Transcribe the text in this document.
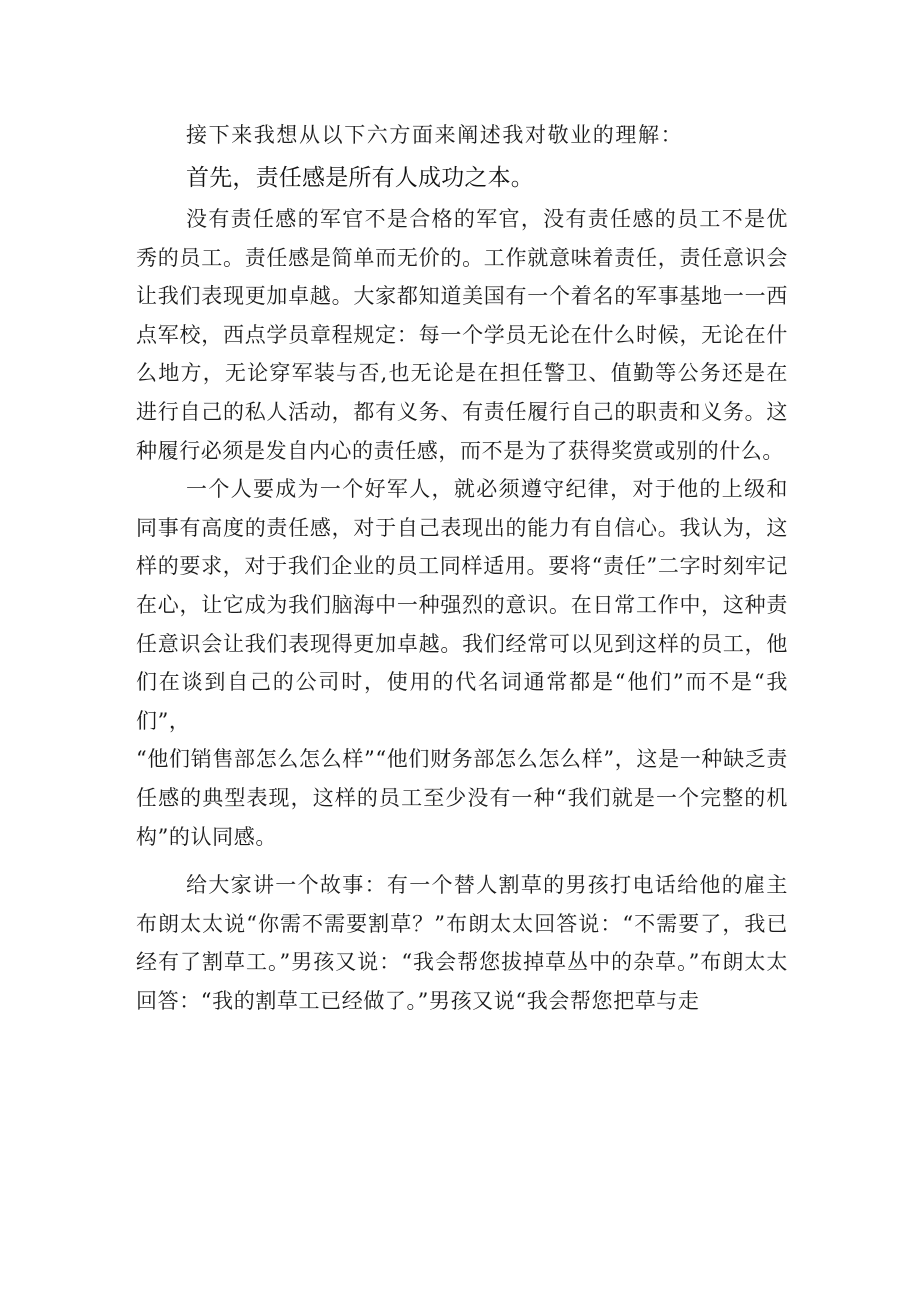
接下来我想从以下六方面来阐述我对敬业的理解：

首先，责任感是所有人成功之本。

没有责任感的军官不是合格的军官，没有责任感的员工不是优秀的员工。责任感是简单而无价的。工作就意味着责任，责任意识会让我们表现更加卓越。大家都知道美国有一个着名的军事基地一一西点军校，西点学员章程规定：每一个学员无论在什么时候，无论在什么地方，无论穿军装与否,也无论是在担任警卫、值勤等公务还是在进行自己的私人活动，都有义务、有责任履行自己的职责和义务。这种履行必须是发自内心的责任感，而不是为了获得奖赏或别的什么。

一个人要成为一个好军人，就必须遵守纪律，对于他的上级和同事有高度的责任感，对于自己表现出的能力有自信心。我认为，这样的要求，对于我们企业的员工同样适用。要将“责任”二字时刻牢记在心，让它成为我们脑海中一种强烈的意识。在日常工作中，这种责任意识会让我们表现得更加卓越。我们经常可以见到这样的员工，他们在谈到自己的公司时，使用的代名词通常都是“他们”而不是“我们”，

“他们销售部怎么怎么样”“他们财务部怎么怎么样”，这是一种缺乏责任感的典型表现，这样的员工至少没有一种“我们就是一个完整的机构”的认同感。

给大家讲一个故事：有一个替人割草的男孩打电话给他的雇主布朗太太说“你需不需要割草？”布朗太太回答说：“不需要了，我已经有了割草工。”男孩又说：“我会帮您拔掉草丛中的杂草。”布朗太太回答：“我的割草工已经做了。”男孩又说“我会帮您把草与走
